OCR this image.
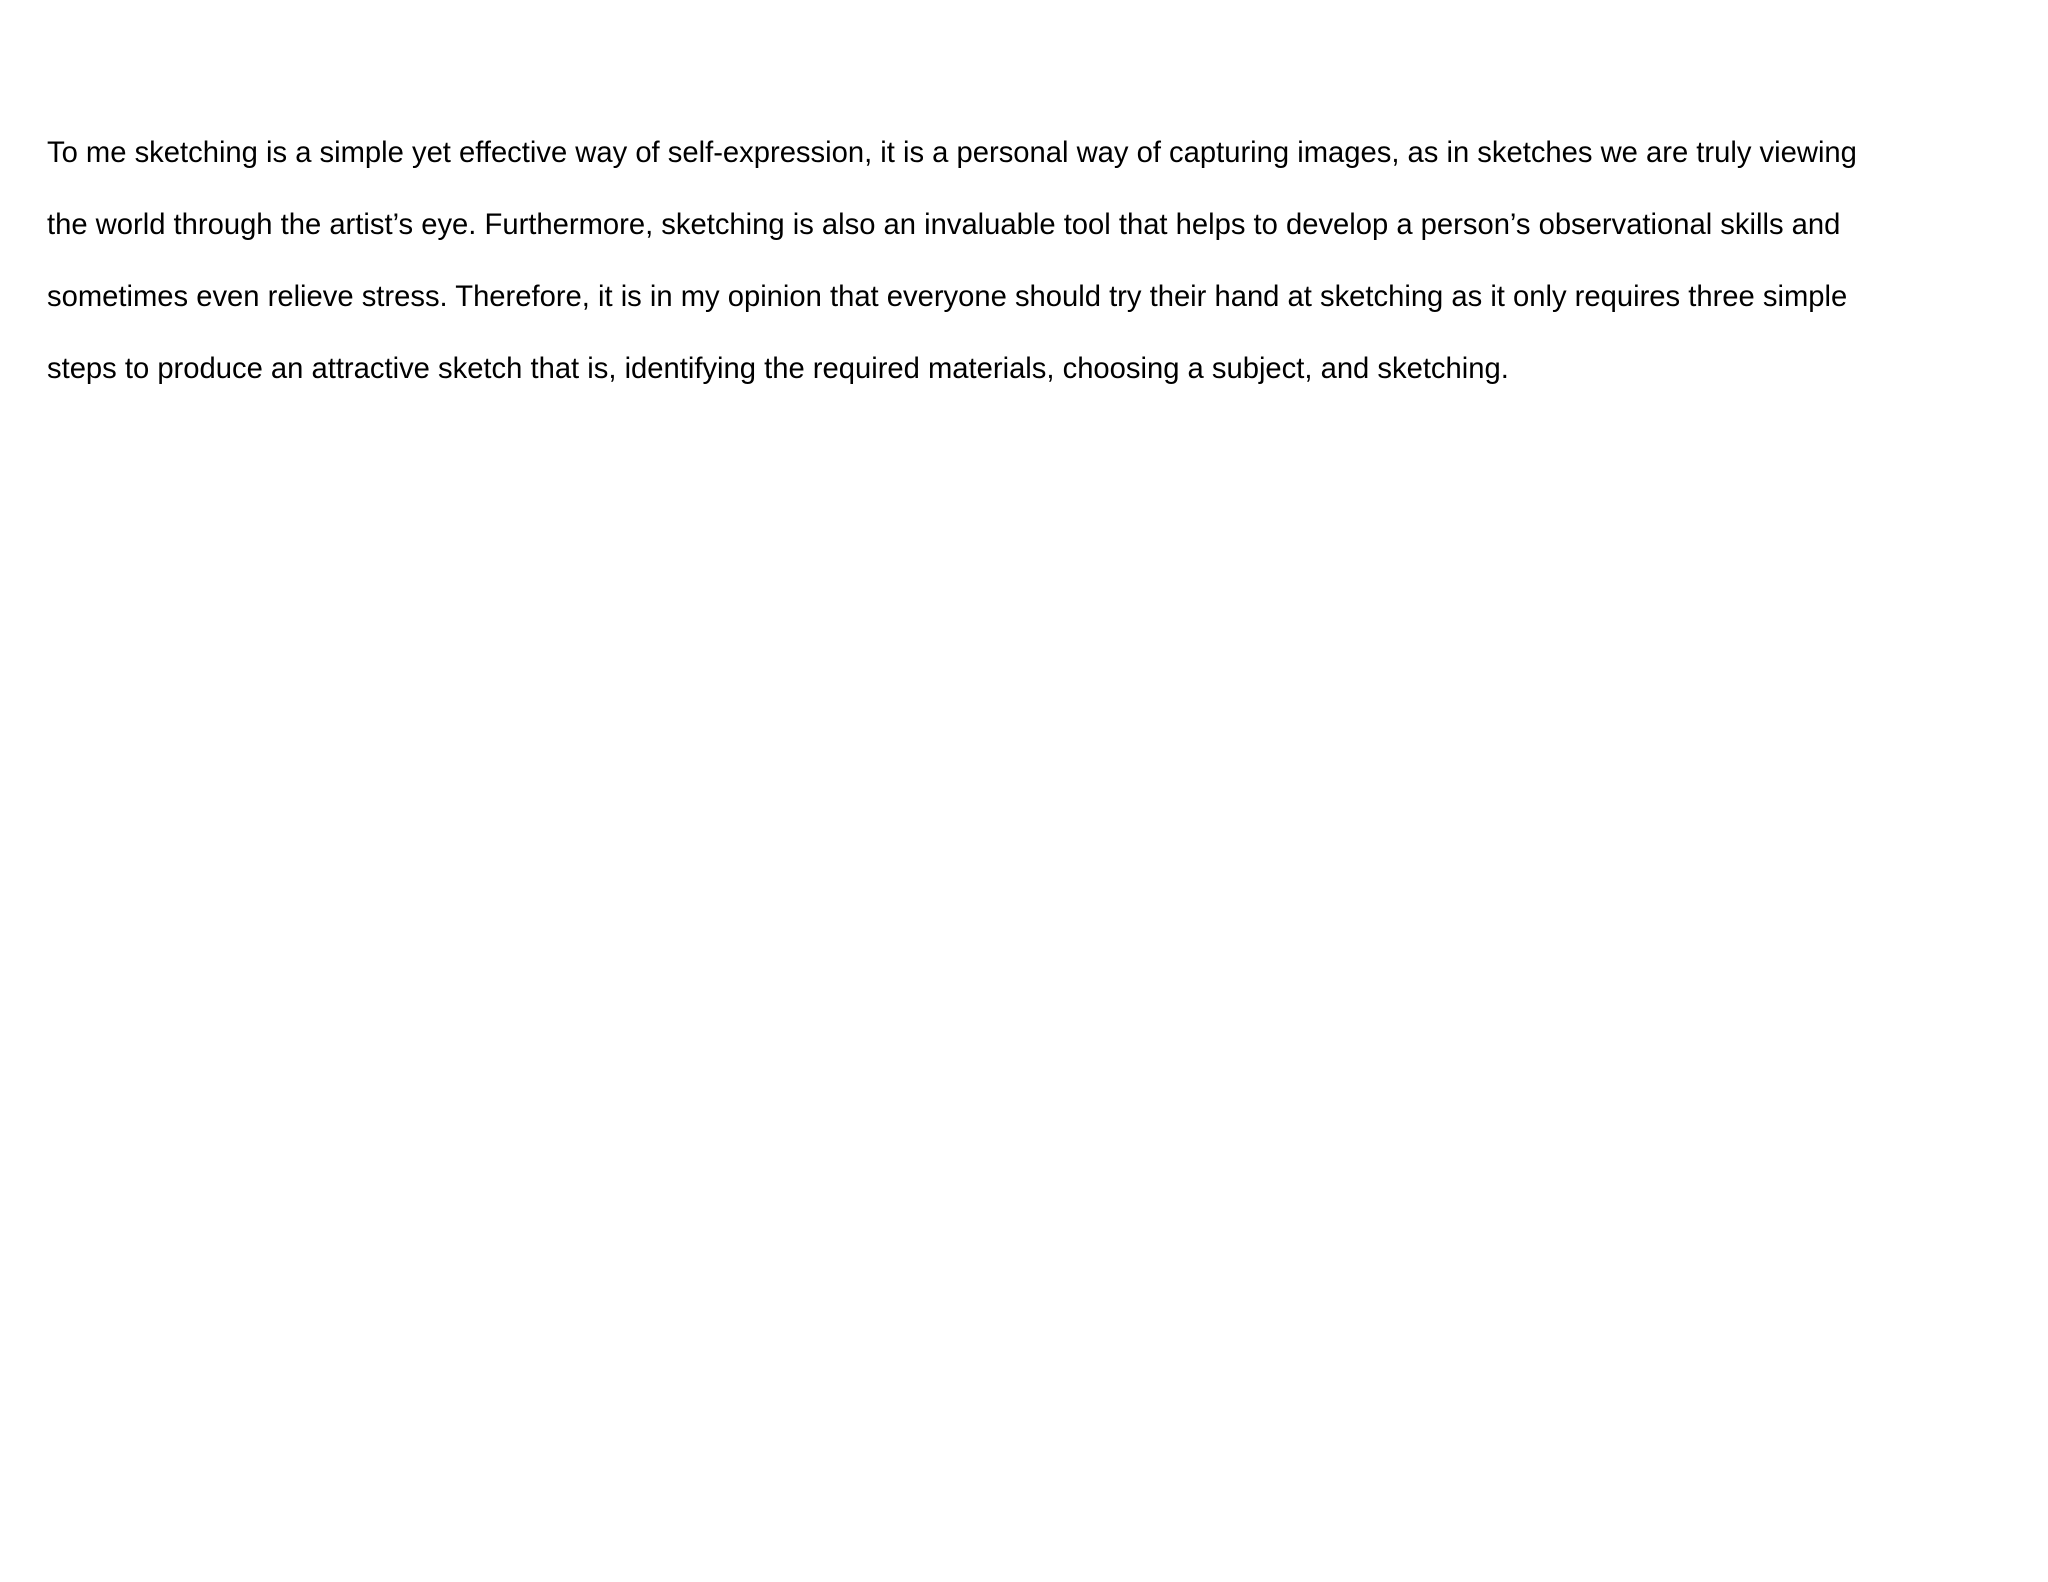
To me sketching is a simple yet effective way of self-expression, it is a personal way of capturing images, as in sketches we are truly viewing
the world through the artist’s eye. Furthermore, sketching is also an invaluable tool that helps to develop a person’s observational skills and
sometimes even relieve stress. Therefore, it is in my opinion that everyone should try their hand at sketching as it only requires three simple
steps to produce an attractive sketch that is, identifying the required materials, choosing a subject, and sketching.
